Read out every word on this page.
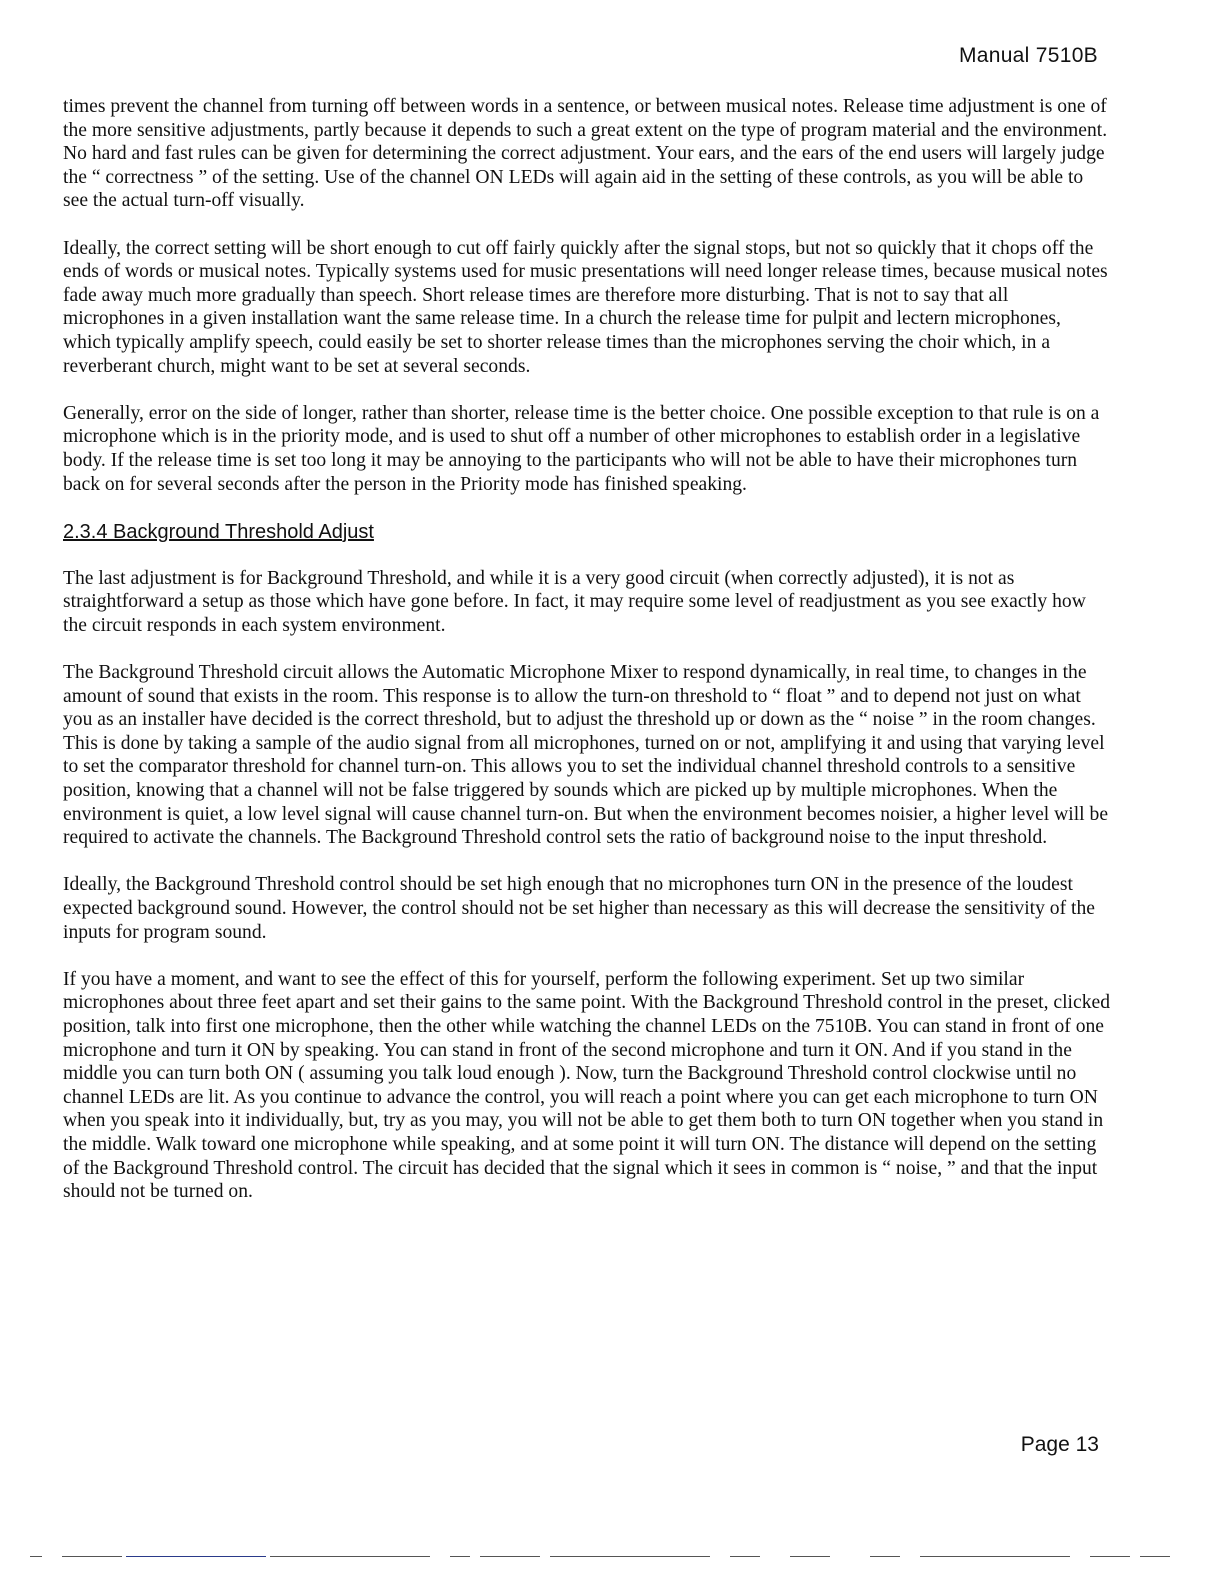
Manual 7510B

times prevent the channel from turning off between words in a sentence, or between musical notes. Release time adjustment is one of the more sensitive adjustments, partly because it depends to such a great extent on the type of program material and the environment. No hard and fast rules can be given for determining the correct adjustment. Your ears, and the ears of the end users will largely judge the “ correctness ” of the setting. Use of the channel ON LEDs will again aid in the setting of these controls, as you will be able to see the actual turn-off visually.

Ideally, the correct setting will be short enough to cut off fairly quickly after the signal stops, but not so quickly that it chops off the ends of words or musical notes. Typically systems used for music presentations will need longer release times, because musical notes fade away much more gradually than speech. Short release times are therefore more disturbing. That is not to say that all microphones in a given installation want the same release time. In a church the release time for pulpit and lectern microphones, which typically amplify speech, could easily be set to shorter release times than the microphones serving the choir which, in a reverberant church, might want to be set at several seconds.

Generally, error on the side of longer, rather than shorter, release time is the better choice. One possible exception to that rule is on a microphone which is in the priority mode, and is used to shut off a number of other microphones to establish order in a legislative body. If the release time is set too long it may be annoying to the participants who will not be able to have their microphones turn back on for several seconds after the person in the Priority mode has finished speaking.

2.3.4 Background Threshold Adjust

The last adjustment is for Background Threshold, and while it is a very good circuit (when correctly adjusted), it is not as straightforward a setup as those which have gone before. In fact, it may require some level of readjustment as you see exactly how the circuit responds in each system environment.

The Background Threshold circuit allows the Automatic Microphone Mixer to respond dynamically, in real time, to changes in the amount of sound that exists in the room. This response is to allow the turn-on threshold to “ float ” and to depend not just on what you as an installer have decided is the correct threshold, but to adjust the threshold up or down as the “ noise ” in the room changes. This is done by taking a sample of the audio signal from all microphones, turned on or not, amplifying it and using that varying level to set the comparator threshold for channel turn-on. This allows you to set the individual channel threshold controls to a sensitive position, knowing that a channel will not be false triggered by sounds which are picked up by multiple microphones. When the environment is quiet, a low level signal will cause channel turn-on. But when the environment becomes noisier, a higher level will be required to activate the channels. The Background Threshold control sets the ratio of background noise to the input threshold.

Ideally, the Background Threshold control should be set high enough that no microphones turn ON in the presence of the loudest expected background sound. However, the control should not be set higher than necessary as this will decrease the sensitivity of the inputs for program sound.

If you have a moment, and want to see the effect of this for yourself, perform the following experiment. Set up two similar microphones about three feet apart and set their gains to the same point. With the Background Threshold control in the preset, clicked position, talk into first one microphone, then the other while watching the channel LEDs on the 7510B. You can stand in front of one microphone and turn it ON by speaking. You can stand in front of the second microphone and turn it ON. And if you stand in the middle you can turn both ON ( assuming you talk loud enough ). Now, turn the Background Threshold control clockwise until no channel LEDs are lit. As you continue to advance the control, you will reach a point where you can get each microphone to turn ON when you speak into it individually, but, try as you may, you will not be able to get them both to turn ON together when you stand in the middle. Walk toward one microphone while speaking, and at some point it will turn ON. The distance will depend on the setting of the Background Threshold control. The circuit has decided that the signal which it sees in common is “ noise, ” and that the input should not be turned on.

Page 13
